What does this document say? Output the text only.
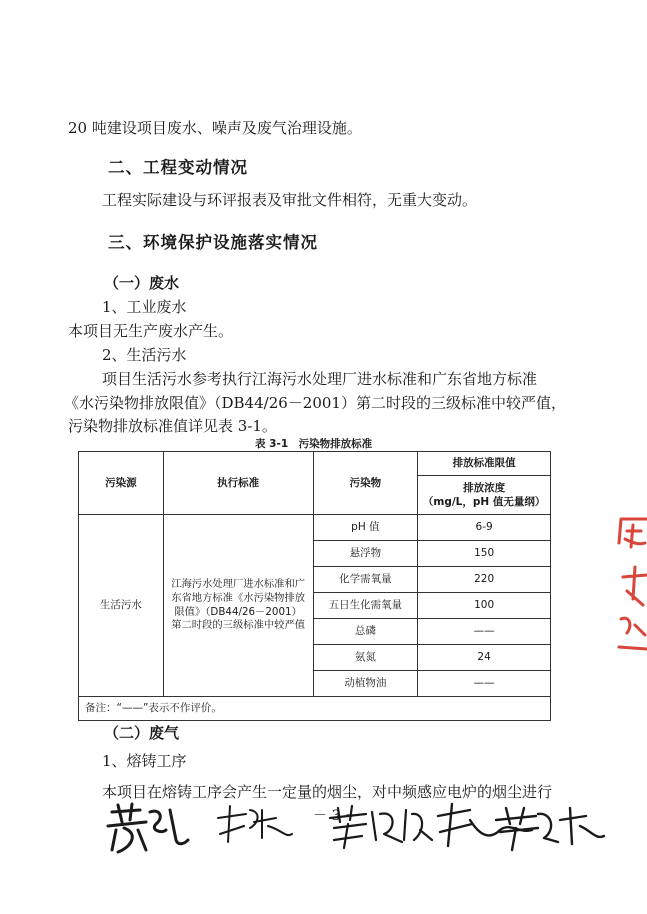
20 吨建设项目废水、噪声及废气治理设施。
二、工程变动情况
工程实际建设与环评报表及审批文件相符，无重大变动。
三、环境保护设施落实情况
（一）废水
1、工业废水
本项目无生产废水产生。
2、生活污水
项目生活污水参考执行江海污水处理厂进水标准和广东省地方标准
《水污染物排放限值》（DB44/26－2001）第二时段的三级标准中较严值，
污染物排放标准值详见表 3-1。
表 3-1　污染物排放标准
污染源	执行标准	污染物	排放标准限值

			排放浓度
（mg/L，pH 值无量纲）

生活污水	江海污水处理厂进水标准和广东省地方标准《水污染物排放限值》（DB44/26－2001）第二时段的三级标准中较严值	pH 值	6-9
		悬浮物	150
		化学需氧量	220
		五日生化需氧量	100
		总磷	——
		氨氮	24
		动植物油	——
备注：“——”表示不作评价。			
（二）废气
1、熔铸工序
本项目在熔铸工序会产生一定量的烟尘，对中频感应电炉的烟尘进行
－ 3 －
